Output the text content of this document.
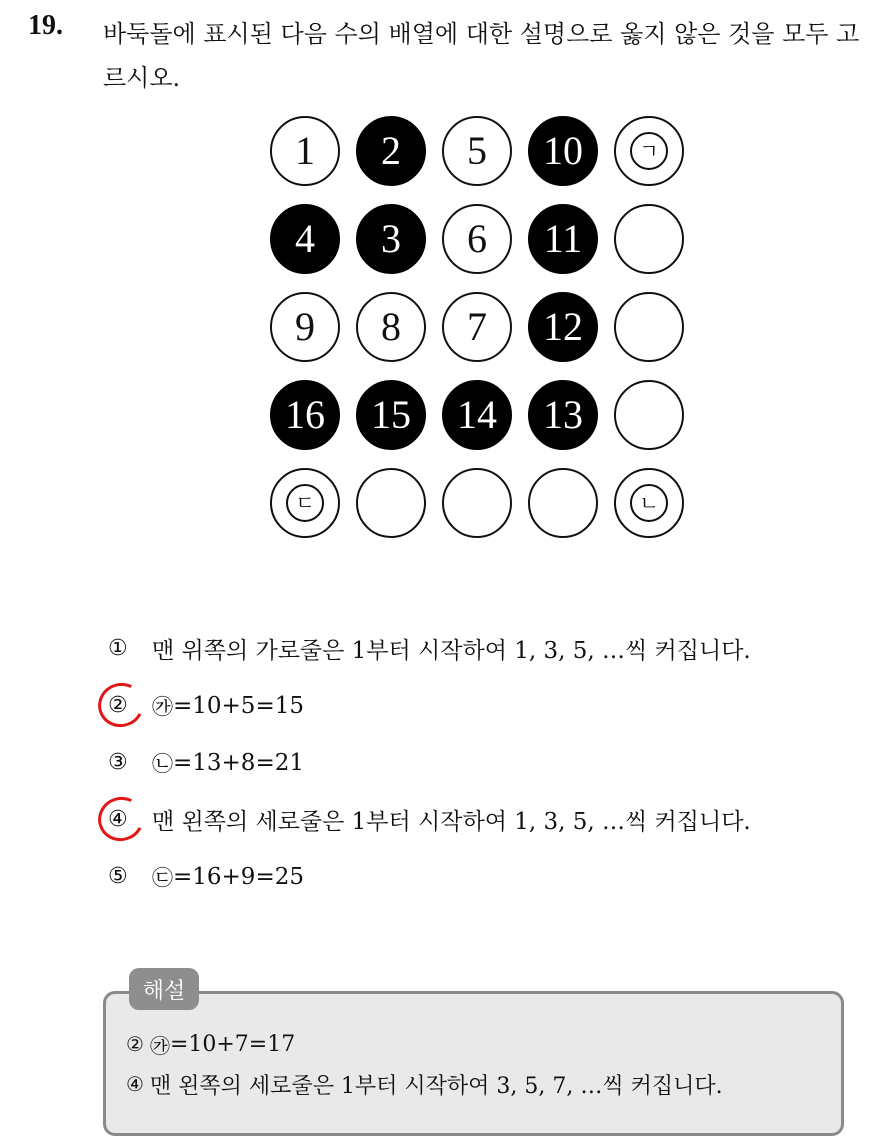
19. 바둑돌에 표시된 다음 수의 배열에 대한 설명으로 옳지 않은 것을 모두 고르시오.
1 2 5 10	ㄱ
4 3 6 11
9 8 7 12
16 15 14 13
ㄷ	ㄴ
①	맨 위쪽의 가로줄은 1부터 시작하여 1, 3, 5, …씩 커집니다.
②	㉮ =10+5=15
③	㉡ =13+8=21
④	맨 왼쪽의 세로줄은 1부터 시작하여 1, 3, 5, …씩 커집니다.
⑤	㉢ =16+9=25
해설
② ㉮ =10+7=17
④ 맨 왼쪽의 세로줄은 1부터 시작하여 3, 5, 7, …씩 커집니다.
